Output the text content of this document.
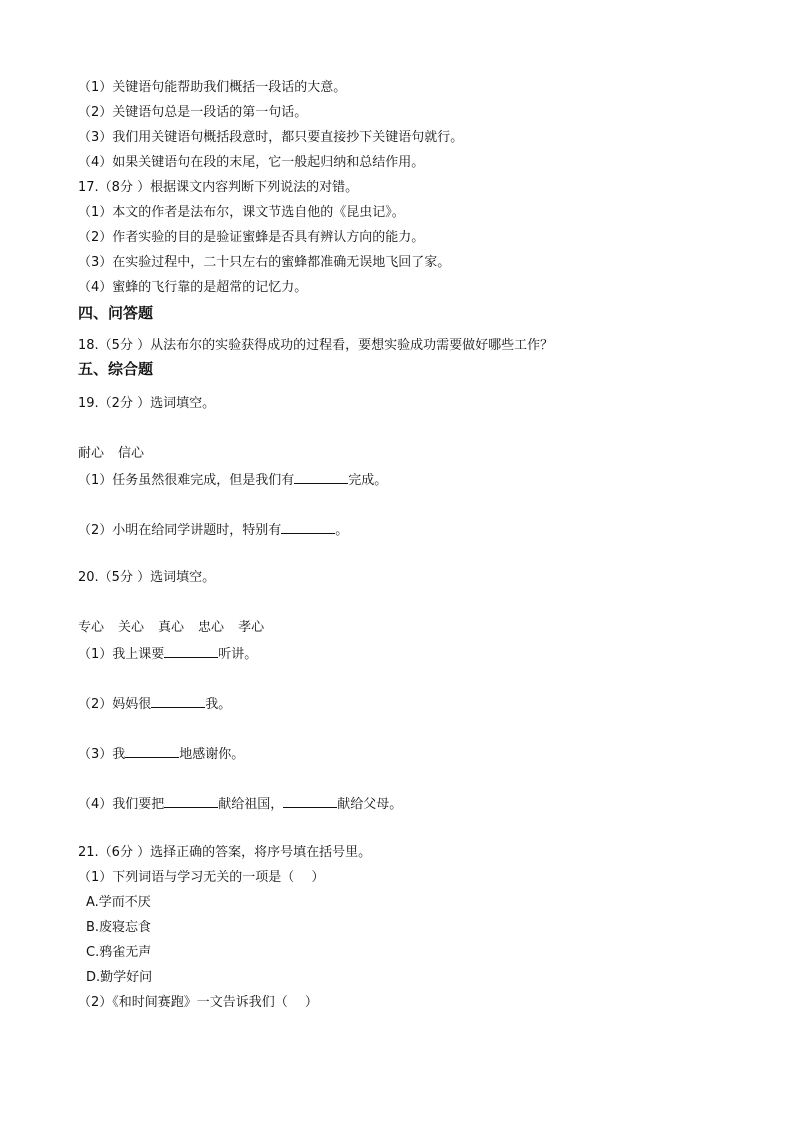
（1）关键语句能帮助我们概括一段话的大意。
（2）关键语句总是一段话的第一句话。
（3）我们用关键语句概括段意时，都只要直接抄下关键语句就行。
（4）如果关键语句在段的末尾，它一般起归纳和总结作用。
17.（8分 ）根据课文内容判断下列说法的对错。
（1）本文的作者是法布尔，课文节选自他的《昆虫记》。
（2）作者实验的目的是验证蜜蜂是否具有辨认方向的能力。
（3）在实验过程中，二十只左右的蜜蜂都准确无误地飞回了家。
（4）蜜蜂的飞行靠的是超常的记忆力。
四、问答题
18.（5分 ）从法布尔的实验获得成功的过程看，要想实验成功需要做好哪些工作？
五、综合题
19.（2分 ）选词填空。
耐心 信心
（1）任务虽然很难完成，但是我们有	完成。
（2）小明在给同学讲题时，特别有	。
20.（5分 ）选词填空。
专心 关心 真心 忠心 孝心
（1）我上课要	听讲。
（2）妈妈很	我。
（3）我	地感谢你。
（4）我们要把	献给祖国，	献给父母。
21.（6分 ）选择正确的答案，将序号填在括号里。
（1）下列词语与学习无关的一项是（　 ）
A.学而不厌
B.废寝忘食
C.鸦雀无声
D.勤学好问
（2）《和时间赛跑》一文告诉我们（　 ）
